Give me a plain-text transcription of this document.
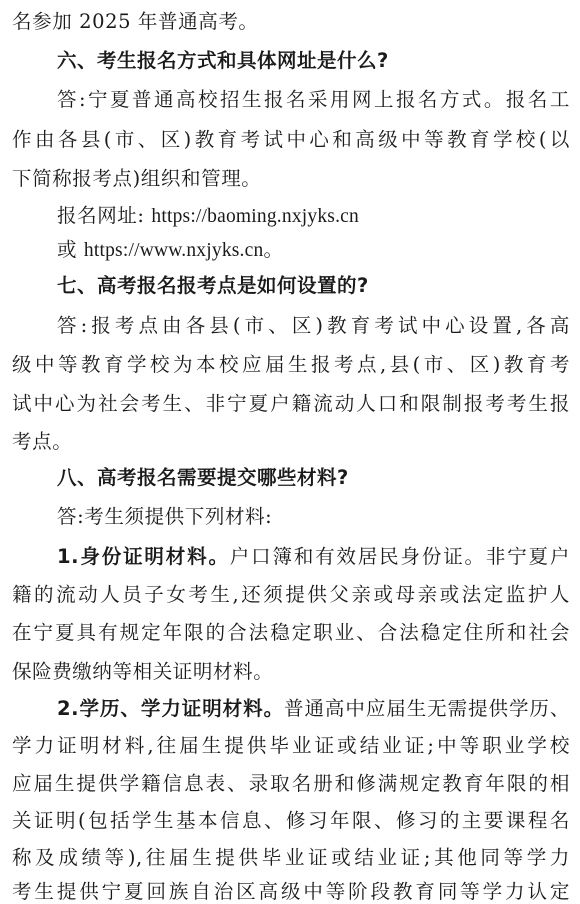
名参加 2025 年普通高考。
六、考生报名方式和具体网址是什么?
答:宁夏普通高校招生报名采用网上报名方式。报名工
作由各县(市、区)教育考试中心和高级中等教育学校(以
下简称报考点)组织和管理。
报名网址: https://baoming.nxjyks.cn
或 https://www.nxjyks.cn。
七、高考报名报考点是如何设置的?
答:报考点由各县(市、区)教育考试中心设置,各高
级中等教育学校为本校应届生报考点,县(市、区)教育考
试中心为社会考生、非宁夏户籍流动人口和限制报考考生报
考点。
八、高考报名需要提交哪些材料?
答:考生须提供下列材料:
1.身份证明材料。户口簿和有效居民身份证。非宁夏户
籍的流动人员子女考生,还须提供父亲或母亲或法定监护人
在宁夏具有规定年限的合法稳定职业、合法稳定住所和社会
保险费缴纳等相关证明材料。
2.学历、学力证明材料。普通高中应届生无需提供学历、
学力证明材料,往届生提供毕业证或结业证;中等职业学校
应届生提供学籍信息表、录取名册和修满规定教育年限的相
关证明(包括学生基本信息、修习年限、修习的主要课程名
称及成绩等),往届生提供毕业证或结业证;其他同等学力
考生提供宁夏回族自治区高级中等阶段教育同等学力认定
